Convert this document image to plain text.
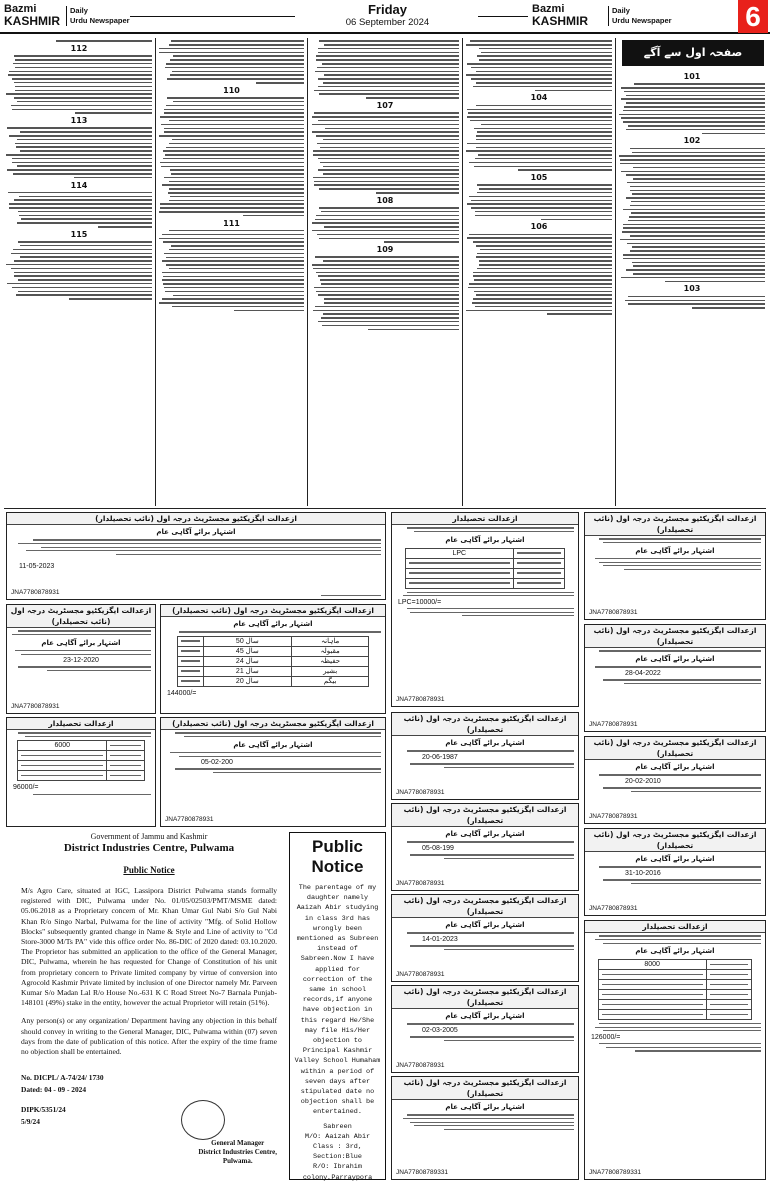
Bazmi
KASHMIR
Daily
Urdu Newspaper
Friday
06 September 2024
Bazmi
KASHMIR
Daily
Urdu Newspaper	6
صفحہ اول سے آگے
112
113
114
115
110
111
107
108
109
104
105
106
101
102
103
ازعدالت ایگزیکٹیو مجسٹریٹ درجہ اول (نائب تحصیلدار)
اشتہار برائے آگاہی عام
11-05-2023
JNA7780878931
ازعدالت ایگزیکٹیو مجسٹریٹ درجہ اول (نائب تحصیلدار)
اشتہار برائے آگاہی عام
23-12-2020
JNA7780878931
ازعدالت تحصیلدار
6000	

96000/=
ازعدالت ایگزیکٹیو مجسٹریٹ درجہ اول (نائب تحصیلدار)
اشتہار برائے آگاہی عام
	50 سال	ماہانہ

	45 سال	مقبولہ

	24 سال	حفیظہ

	21 سال	بشیر

	20 سال	بیگم
144000/=
ازعدالت ایگزیکٹیو مجسٹریٹ درجہ اول (نائب تحصیلدار)
اشتہار برائے آگاہی عام
05-02-200
JNA7780878931
ازعدالت تحصیلدار
اشتہار برائے آگاہی عام
LPC	

LPC=10000/=
JNA7780878931
ازعدالت ایگزیکٹیو مجسٹریٹ درجہ اول (نائب تحصیلدار)
اشتہار برائے آگاہی عام
20-06-1987
JNA7780878931
ازعدالت ایگزیکٹیو مجسٹریٹ درجہ اول (نائب تحصیلدار)
اشتہار برائے آگاہی عام
05-08-199
JNA7780878931
ازعدالت ایگزیکٹیو مجسٹریٹ درجہ اول (نائب تحصیلدار)
اشتہار برائے آگاہی عام
14-01-2023
JNA7780878931
ازعدالت ایگزیکٹیو مجسٹریٹ درجہ اول (نائب تحصیلدار)
اشتہار برائے آگاہی عام
02-03-2005
JNA7780878931
ازعدالت ایگزیکٹیو مجسٹریٹ درجہ اول (نائب تحصیلدار)
اشتہار برائے آگاہی عام
JNA77808789331
ازعدالت ایگزیکٹیو مجسٹریٹ درجہ اول (نائب تحصیلدار)
اشتہار برائے آگاہی عام
JNA7780878931
ازعدالت ایگزیکٹیو مجسٹریٹ درجہ اول (نائب تحصیلدار)
اشتہار برائے آگاہی عام
28-04-2022
JNA7780878931
ازعدالت ایگزیکٹیو مجسٹریٹ درجہ اول (نائب تحصیلدار)
اشتہار برائے آگاہی عام
20-02-2010
JNA7780878931
ازعدالت ایگزیکٹیو مجسٹریٹ درجہ اول (نائب تحصیلدار)
اشتہار برائے آگاہی عام
31-10-2016
JNA7780878931
ازعدالت تحصیلدار
اشتہار برائے آگاہی عام
8000	

126000/=
JNA77808789331
Government of Jammu and Kashmir
District Industries Centre, Pulwama
Public Notice
M/s Agro Care, situated at IGC, Lassipora District Pulwama stands formally registered with DIC, Pulwama under No. 01/05/02503/PMT/MSME dated: 05.06.2018 as a Proprietary concern of Mr. Khan Umar Gul Nabi S/o Gul Nabi Khan R/o Singo Narbal, Pulwama for the line of activity "Mfg. of Solid Hollow Blocks" subsequently granted change in Name & Style and Line of activity to "Cd Store-3000 M/Ts PA" vide this office order No. 86-DIC of 2020 dated: 03.10.2020. The Proprietor has submitted an application to the office of the General Manager, DIC, Pulwama, wherein he has requested for Change of Constitution of his unit from proprietary concern to Private limited company by virtue of conversion into Agrocold Kashmir Private limited by inclusion of one Director namely Mr. Parveen Kumar S/o Madan Lal R/o House No.-631 K C Road Street No-7 Barnala Punjab-148101 (49%) stake in the entity, however the actual Proprietor will retain (51%).
Any person(s) or any organization/ Department having any objection in this behalf should convey in writing to the General Manager, DIC, Pulwama within (07) seven days from the date of publication of this notice. After the expiry of the time frame no objection shall be entertained.
No. DICPL/ A-74/24/ 1730
Dated: 04 - 09 - 2024
DIPK/5351/24
5/9/24
General Manager
District Industries Centre,
Pulwama.
Public
Notice
The parentage of my daughter namely Aaizah Abir studying in class 3rd has wrongly been mentioned as Subreen instead of Sabreen.Now I have applied for correction of the same in school records,if anyone have objection in this regard He/She may file His/Her objection to Principal Kashmir Valley School Humaham within a period of seven days after stipulated date no objection shall be entertained.
Sabreen
M/O: Aaizah Abir
Class : 3rd,
Section:Blue
R/O: Ibrahim
colony,Parraypora
